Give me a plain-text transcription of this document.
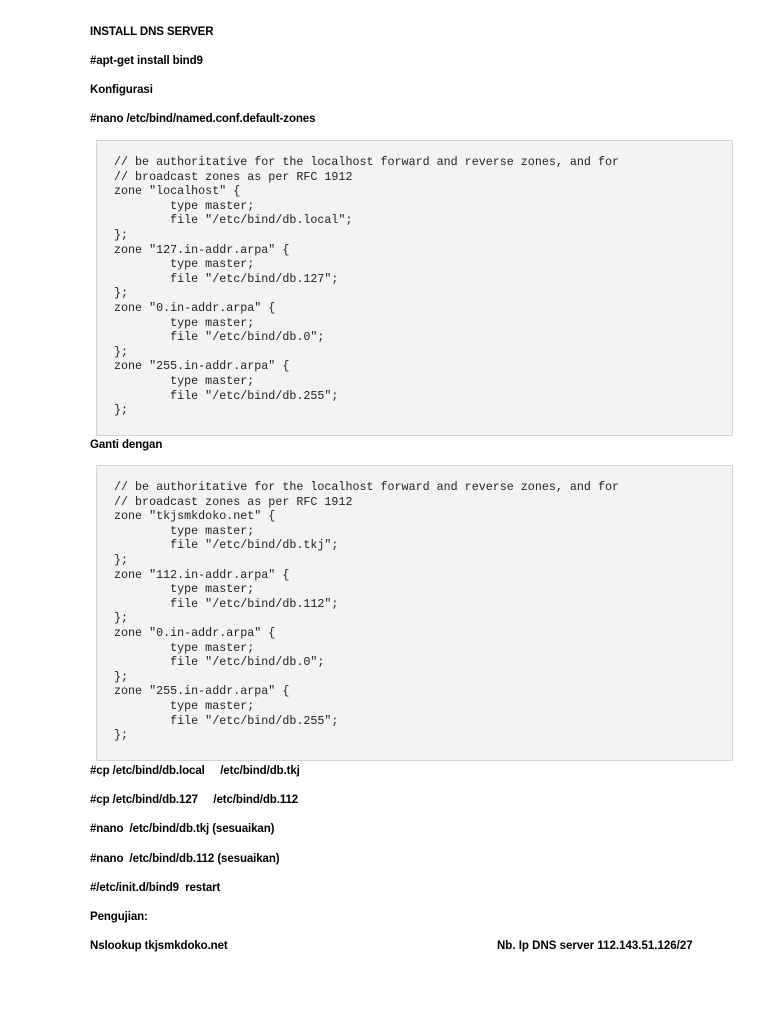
INSTALL DNS SERVER
#apt-get install bind9
Konfigurasi
#nano /etc/bind/named.conf.default-zones
// be authoritative for the localhost forward and reverse zones, and for
// broadcast zones as per RFC 1912
zone "localhost" {
type master;
file "/etc/bind/db.local";
};
zone "127.in-addr.arpa" {
type master;
file "/etc/bind/db.127";
};
zone "0.in-addr.arpa" {
type master;
file "/etc/bind/db.0";
};
zone "255.in-addr.arpa" {
type master;
file "/etc/bind/db.255";
};
Ganti dengan
// be authoritative for the localhost forward and reverse zones, and for
// broadcast zones as per RFC 1912
zone "tkjsmkdoko.net" {
type master;
file "/etc/bind/db.tkj";
};
zone "112.in-addr.arpa" {
type master;
file "/etc/bind/db.112";
};
zone "0.in-addr.arpa" {
type master;
file "/etc/bind/db.0";
};
zone "255.in-addr.arpa" {
type master;
file "/etc/bind/db.255";
};
#cp /etc/bind/db.local     /etc/bind/db.tkj
#cp /etc/bind/db.127     /etc/bind/db.112
#nano  /etc/bind/db.tkj (sesuaikan)
#nano  /etc/bind/db.112 (sesuaikan)
#/etc/init.d/bind9  restart
Pengujian:
Nslookup tkjsmkdoko.net	Nb. Ip DNS server 112.143.51.126/27
